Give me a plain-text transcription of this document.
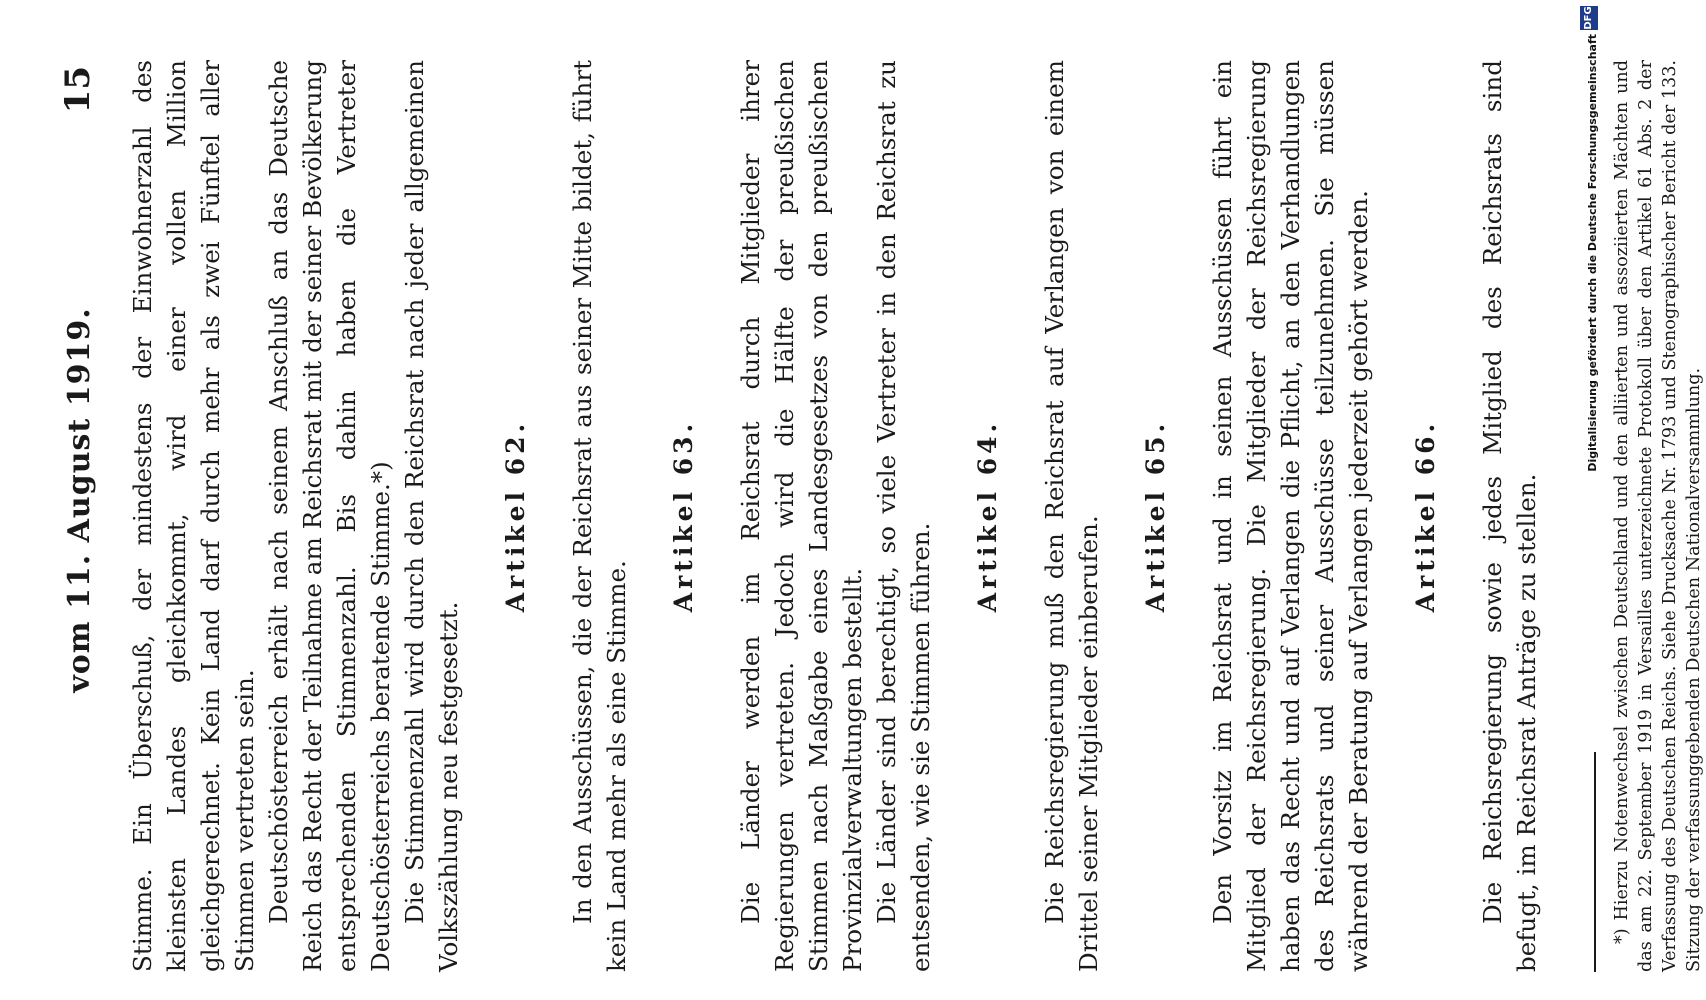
vom 11. August 1919.
15 Stimme. Ein Überschuß, der mindestens der Einwohnerzahl des kleinsten Landes gleichkommt, wird einer vollen Million gleichgerechnet. Kein Land darf durch mehr als zwei Fünftel aller Stimmen vertreten sein. Deutschösterreich erhält nach seinem Anschluß an das Deutsche Reich das Recht der Teilnahme am Reichsrat mit der seiner Bevölkerung entsprechenden Stimmenzahl. Bis dahin haben die Vertreter Deutschösterreichs beratende Stimme.*) Die Stimmenzahl wird durch den Reichsrat nach jeder allgemeinen Volkszählung neu festgesetzt.

Artikel 62.	In den Ausschüssen, die der Reichsrat aus seiner Mitte bildet, führt kein Land mehr als eine Stimme.

Artikel 63.	Die Länder werden im Reichsrat durch Mitglieder ihrer Regierungen vertreten. Jedoch wird die Hälfte der preußischen Stimmen nach Maßgabe eines Landesgesetzes von den preußischen Provinzialverwaltungen bestellt. Die Länder sind berechtigt, so viele Vertreter in den Reichsrat zu entsenden, wie sie Stimmen führen.

Artikel 64.	Die Reichsregierung muß den Reichsrat auf Verlangen von einem Drittel seiner Mitglieder einberufen.	Artikel 65.	Den Vorsitz im Reichsrat und in seinen Ausschüssen führt ein Mitglied der Reichsregierung. Die Mitglieder der Reichsregierung haben das Recht und auf Verlangen die Pflicht, an den Verhandlungen des Reichsrats und seiner Ausschüsse teilzunehmen. Sie müssen während der Beratung auf Verlangen jederzeit gehört werden.	Artikel 66.	Die Reichsregierung sowie jedes Mitglied des Reichsrats sind befugt, im Reichsrat Anträge zu stellen.	*) Hierzu Notenwechsel zwischen Deutschland und den alliierten und assoziierten Mächten und das am 22. September 1919 in Versailles unterzeichnete Protokoll über den Artikel 61 Abs. 2 der Verfassung des Deutschen Reichs. Siehe Drucksache Nr. 1793 und Stenographischer Bericht der 133. Sitzung der verfassunggebenden Deutschen Nationalversammlung.

Digitalisierung gefördert durch die Deutsche Forschungsgemeinschaft
DFG
